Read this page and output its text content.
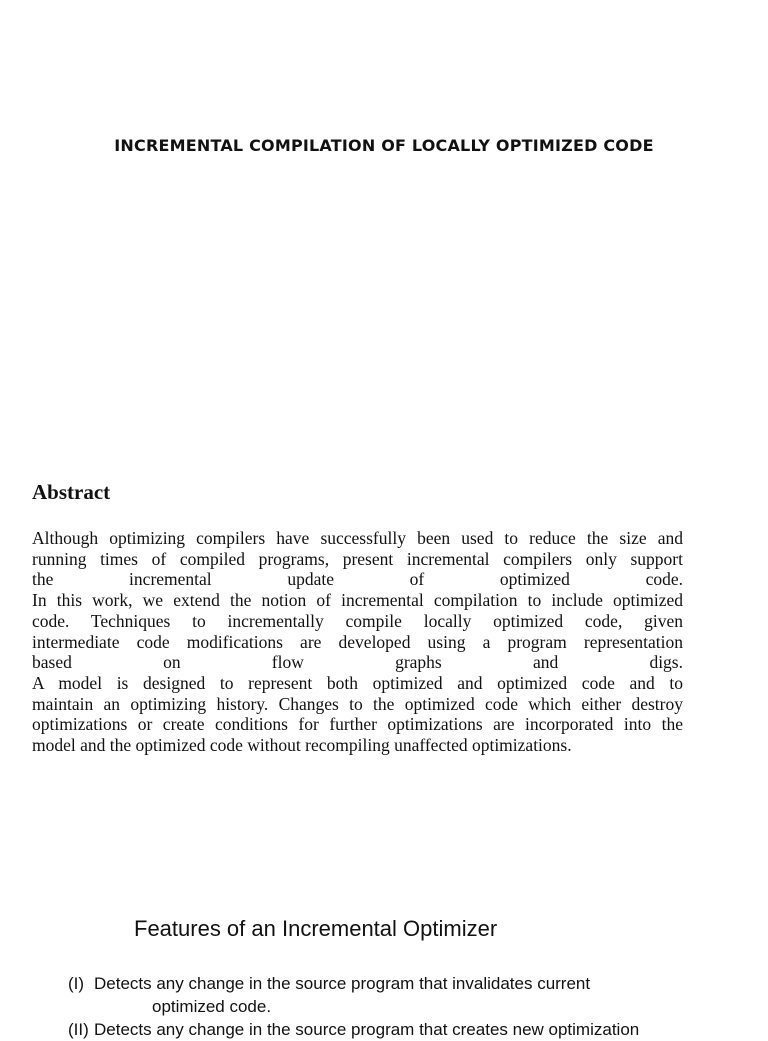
INCREMENTAL COMPILATION OF LOCALLY OPTIMIZED CODE
Abstract

Although optimizing compilers have successfully been used to reduce the size and

running times of compiled programs, present incremental compilers only support

the incremental update of optimized code.

In this work, we extend the notion of incremental compilation to include optimized

code. Techniques to incrementally compile locally optimized code, given

intermediate code modifications are developed using a program representation

based on flow graphs and digs.

A model is designed to represent both optimized and optimized code and to

maintain an optimizing history. Changes to the optimized code which either destroy

optimizations or create conditions for further optimizations are incorporated into the

model and the optimized code without recompiling unaffected optimizations.

Features of an Incremental Optimizer
(I) Detects any change in the source program that invalidates current
optimized code.
(II) Detects any change in the source program that creates new optimization
